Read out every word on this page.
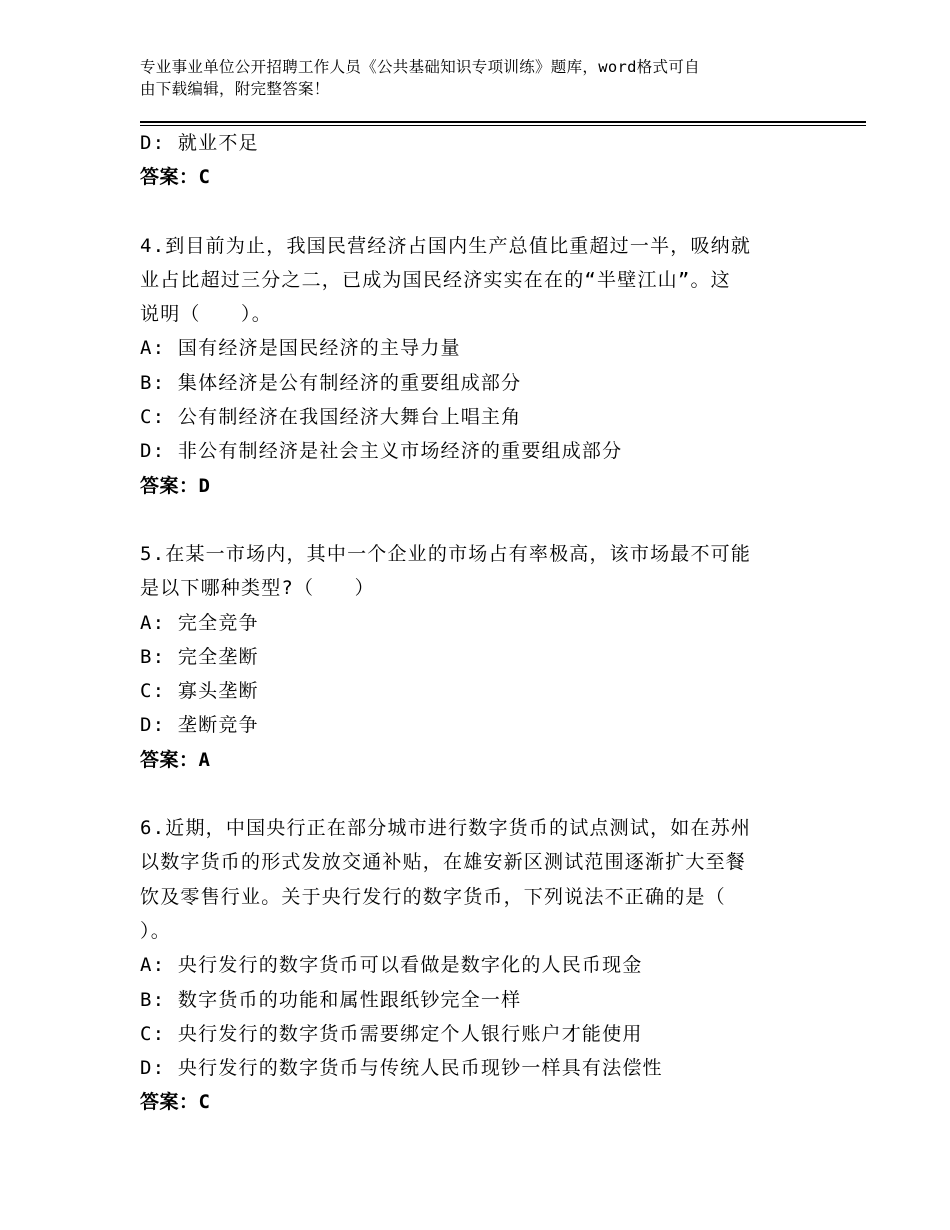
专业事业单位公开招聘工作人员《公共基础知识专项训练》题库，word格式可自
由下载编辑，附完整答案！
D: 就业不足
答案：C
4.到目前为止，我国民营经济占国内生产总值比重超过一半，吸纳就
业占比超过三分之二，已成为国民经济实实在在的“半壁江山”。这
说明（　　）。
A: 国有经济是国民经济的主导力量
B: 集体经济是公有制经济的重要组成部分
C: 公有制经济在我国经济大舞台上唱主角
D: 非公有制经济是社会主义市场经济的重要组成部分
答案：D
5.在某一市场内，其中一个企业的市场占有率极高，该市场最不可能
是以下哪种类型?（　　）
A: 完全竞争
B: 完全垄断
C: 寡头垄断
D: 垄断竞争
答案：A
6.近期，中国央行正在部分城市进行数字货币的试点测试，如在苏州
以数字货币的形式发放交通补贴，在雄安新区测试范围逐渐扩大至餐
饮及零售行业。关于央行发行的数字货币，下列说法不正确的是（
）。
A: 央行发行的数字货币可以看做是数字化的人民币现金
B: 数字货币的功能和属性跟纸钞完全一样
C: 央行发行的数字货币需要绑定个人银行账户才能使用
D: 央行发行的数字货币与传统人民币现钞一样具有法偿性
答案：C
